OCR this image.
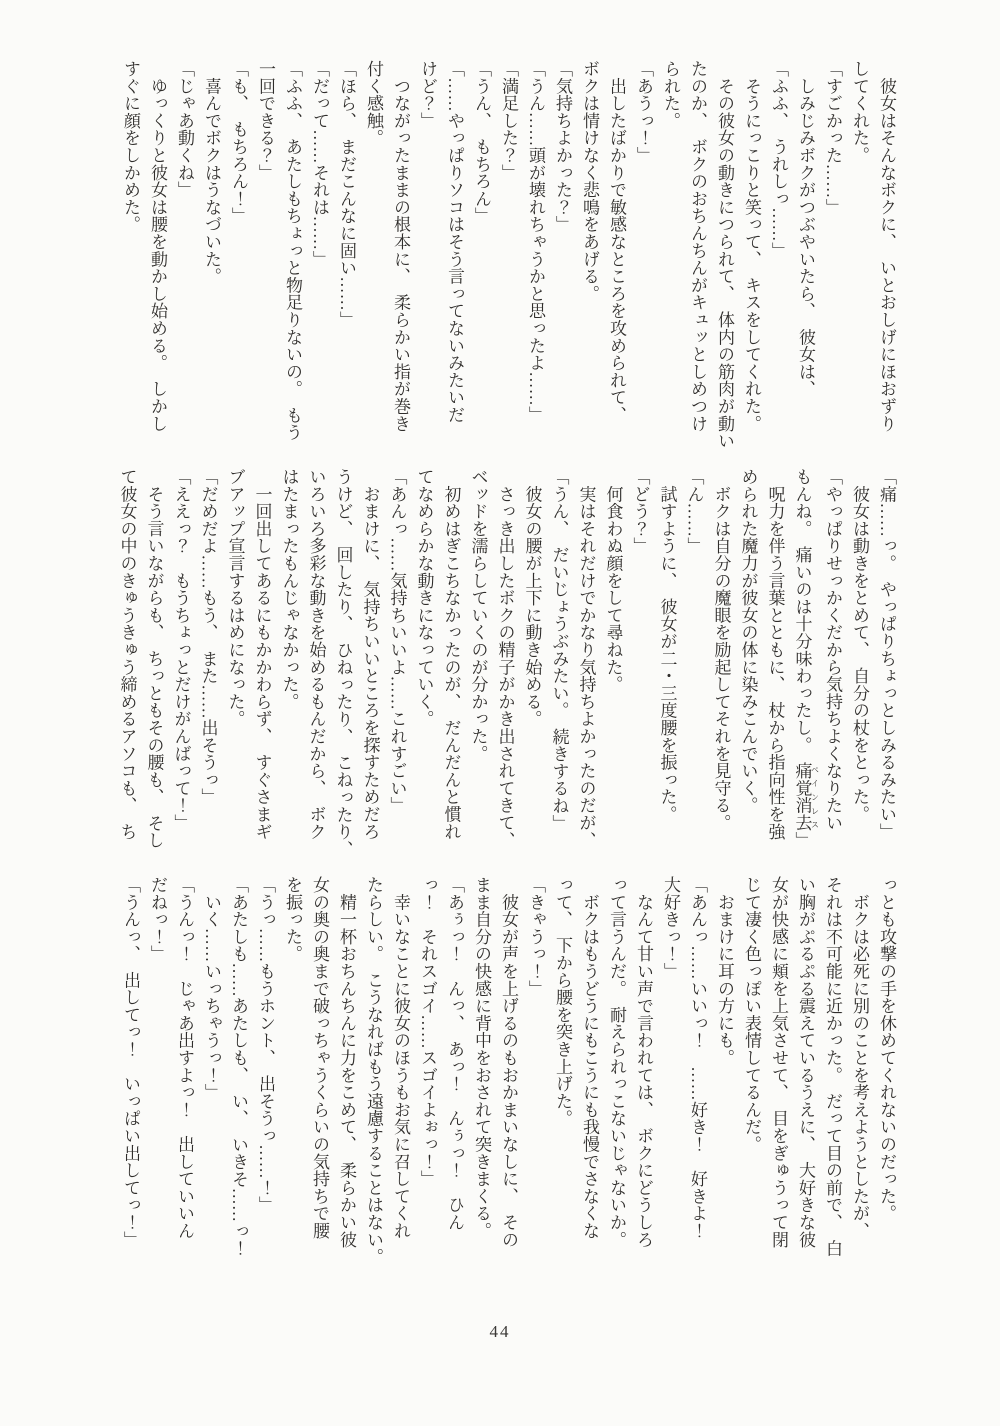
　彼女はそんなボクに、　いとおしげにほおずり
してくれた。
「すごかった……」
　しみじみボクがつぶやいたら、　彼女は、
「ふふ、　うれしっ……」
　そうにっこりと笑って、　キスをしてくれた。
　その彼女の動きにつられて、　体内の筋肉が動い
たのか、　ボクのおちんちんがキュッとしめつけ
られた。
「あうっ！」
　出したばかりで敏感なところを攻められて、
ボクは情けなく悲鳴をあげる。
「気持ちよかった？」
「うん……頭が壊れちゃうかと思ったよ……」
「満足した？」
「うん、　もちろん」
「……やっぱりソコはそう言ってないみたいだ
けど？」
　つながったままの根本に、　柔らかい指が巻き
付く感触。
「ほら、　まだこんなに固い……」
「だって……それは……」
「ふふ、　あたしもちょっと物足りないの。　もう
一回できる？」
「も、　もちろん！」
　喜んでボクはうなづいた。
「じゃあ動くね」
　ゆっくりと彼女は腰を動かし始める。　しかし
すぐに顔をしかめた。
「痛……っ。　やっぱりちょっとしみるみたい」
　彼女は動きをとめて、　自分の杖をとった。
「やっぱりせっかくだから気持ちよくなりたい
もんね。　痛いのは十分味わったし。　痛覚消去 ペインレス」
　呪力を伴う言葉とともに、　杖から指向性を強
められた魔力が彼女の体に染みこんでいく。
　ボクは自分の魔眼を励起してそれを見守る。
「ん……」
　試すように、　彼女が二・三度腰を振った。
「どう？」
　何食わぬ顔をして尋ねた。
　実はそれだけでかなり気持ちよかったのだが、
「うん、　だいじょうぶみたい。　続きするね」
　彼女の腰が上下に動き始める。
　さっき出したボクの精子がかき出されてきて、
ベッドを濡らしていくのが分かった。
　初めはぎこちなかったのが、　だんだんと慣れ
てなめらかな動きになっていく。
「あんっ……気持ちいいよ……これすごい」
　おまけに、　気持ちいいところを探すためだろ
うけど、　回したり、　ひねったり、　こねったり、
いろいろ多彩な動きを始めるもんだから、　ボク
はたまったもんじゃなかった。
　一回出してあるにもかかわらず、　すぐさまギ
ブアップ宣言するはめになった。
「だめだよ……もう、　また……出そうっ」
「ええっ？　もうちょっとだけがんばって！」
　そう言いながらも、　ちっともその腰も、　そし
て彼女の中のきゅうきゅう締めるアソコも、　ち
っとも攻撃の手を休めてくれないのだった。
　ボクは必死に別のことを考えようとしたが、
それは不可能に近かった。　だって目の前で、　白
い胸がぷるぷる震えているうえに、　大好きな彼
女が快感に頬を上気させて、　目をぎゅうって閉
じて凄く色っぽい表情してるんだ。
　おまけに耳の方にも。
「あんっ……いいっ！　……好き！　好きよ！
大好きっ！」
　なんて甘い声で言われては、　ボクにどうしろ
って言うんだ。　耐えられっこないじゃないか。
　ボクはもうどうにもこうにも我慢でさなくな
って、　下から腰を突き上げた。
「きゃうっ！」
　彼女が声を上げるのもおかまいなしに、　その
まま自分の快感に背中をおされて突きまくる。
「あぅっ！　んっ、　あっ！　んぅっ！　ひん
っ！　それスゴイ……スゴイよぉっ！」
　幸いなことに彼女のほうもお気に召してくれ
たらしい。　こうなればもう遠慮することはない。
　精一杯おちんちんに力をこめて、　柔らかい彼
女の奥の奥まで破っちゃうくらいの気持ちで腰
を振った。
「うっ……もうホント、　出そうっ……！」
「あたしも……あたしも、　い、　いきそ……っ！
　いく……いっちゃうっ！」
「うんっ！　じゃあ出すよっ！　出していいん
だねっ！」
「うんっ、　出してっ！　いっぱい出してっ！」
44
